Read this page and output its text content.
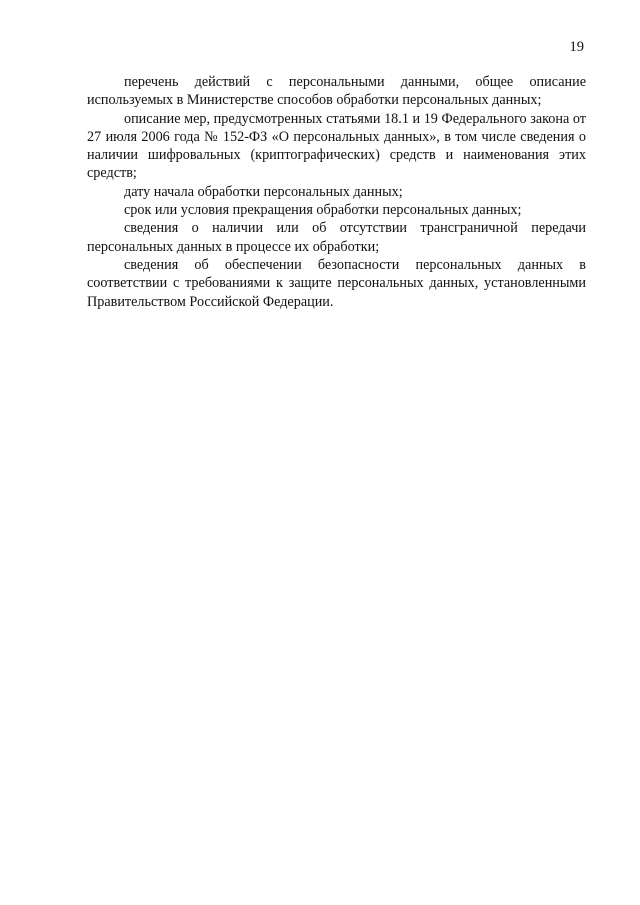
19

перечень действий с персональными данными, общее описание используемых в Министерстве способов обработки персональных данных;

описание мер, предусмотренных статьями 18.1 и 19 Федерального закона от 27 июля 2006 года № 152-ФЗ «О персональных данных», в том числе сведения о наличии шифровальных (криптографических) средств и наименования этих средств;

дату начала обработки персональных данных;

срок или условия прекращения обработки персональных данных;

сведения о наличии или об отсутствии трансграничной передачи персональных данных в процессе их обработки;

сведения об обеспечении безопасности персональных данных в соответствии с требованиями к защите персональных данных, установленными Правительством Российской Федерации.
